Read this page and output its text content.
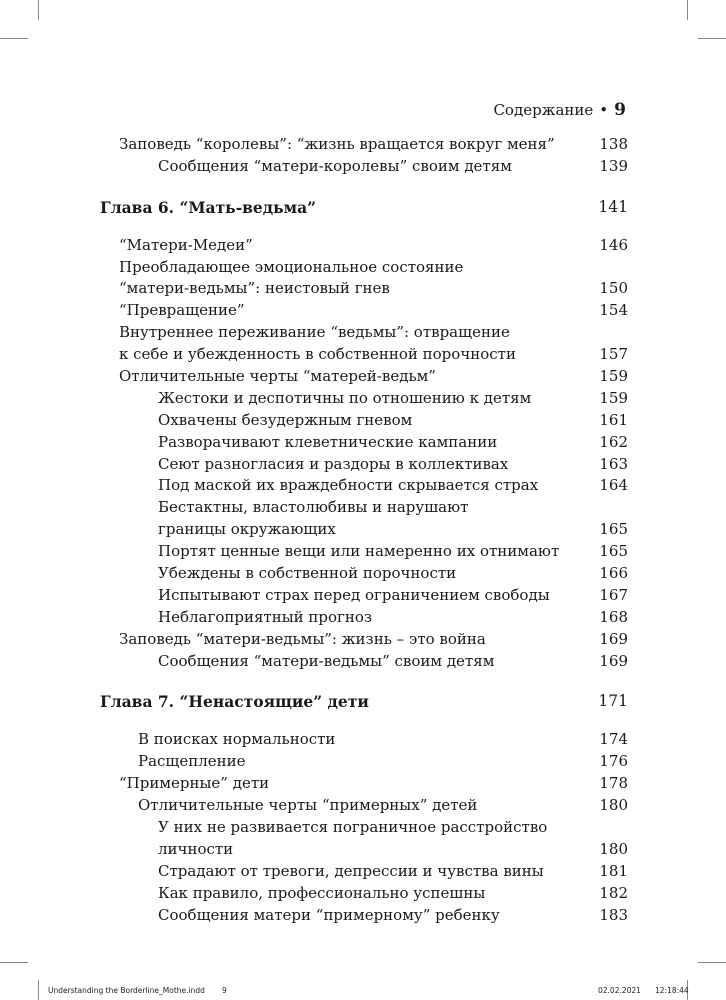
Содержание • 9
Заповедь “королевы”: “жизнь вращается вокруг меня”	138
Сообщения “матери-королевы” своим детям	139
Глава 6. “Мать-ведьма”	141
“Матери-Медеи”	146
Преобладающее эмоциональное состояние
“матери-ведьмы”: неистовый гнев	150
“Превращение”	154
Внутреннее переживание “ведьмы”: отвращение
к себе и убежденность в собственной порочности	157
Отличительные черты “матерей-ведьм”	159
Жестоки и деспотичны по отношению к детям	159
Охвачены безудержным гневом	161
Разворачивают клеветнические кампании	162
Сеют разногласия и раздоры в коллективах	163
Под маской их враждебности скрывается страх	164
Бестактны, властолюбивы и нарушают
границы окружающих	165
Портят ценные вещи или намеренно их отнимают	165
Убеждены в собственной порочности	166
Испытывают страх перед ограничением свободы	167
Неблагоприятный прогноз	168
Заповедь “матери-ведьмы”: жизнь – это война	169
Сообщения “матери-ведьмы” своим детям	169
Глава 7. “Ненастоящие” дети	171
В поисках нормальности	174
Расщепление	176
“Примерные” дети	178
Отличительные черты “примерных” детей	180
У них не развивается пограничное расстройство
личности	180
Страдают от тревоги, депрессии и чувства вины	181
Как правило, профессионально успешны	182
Сообщения матери “примерному” ребенку	183
Understanding the Borderline_Mothe.indd 9	02.02.2021 12:18:44
